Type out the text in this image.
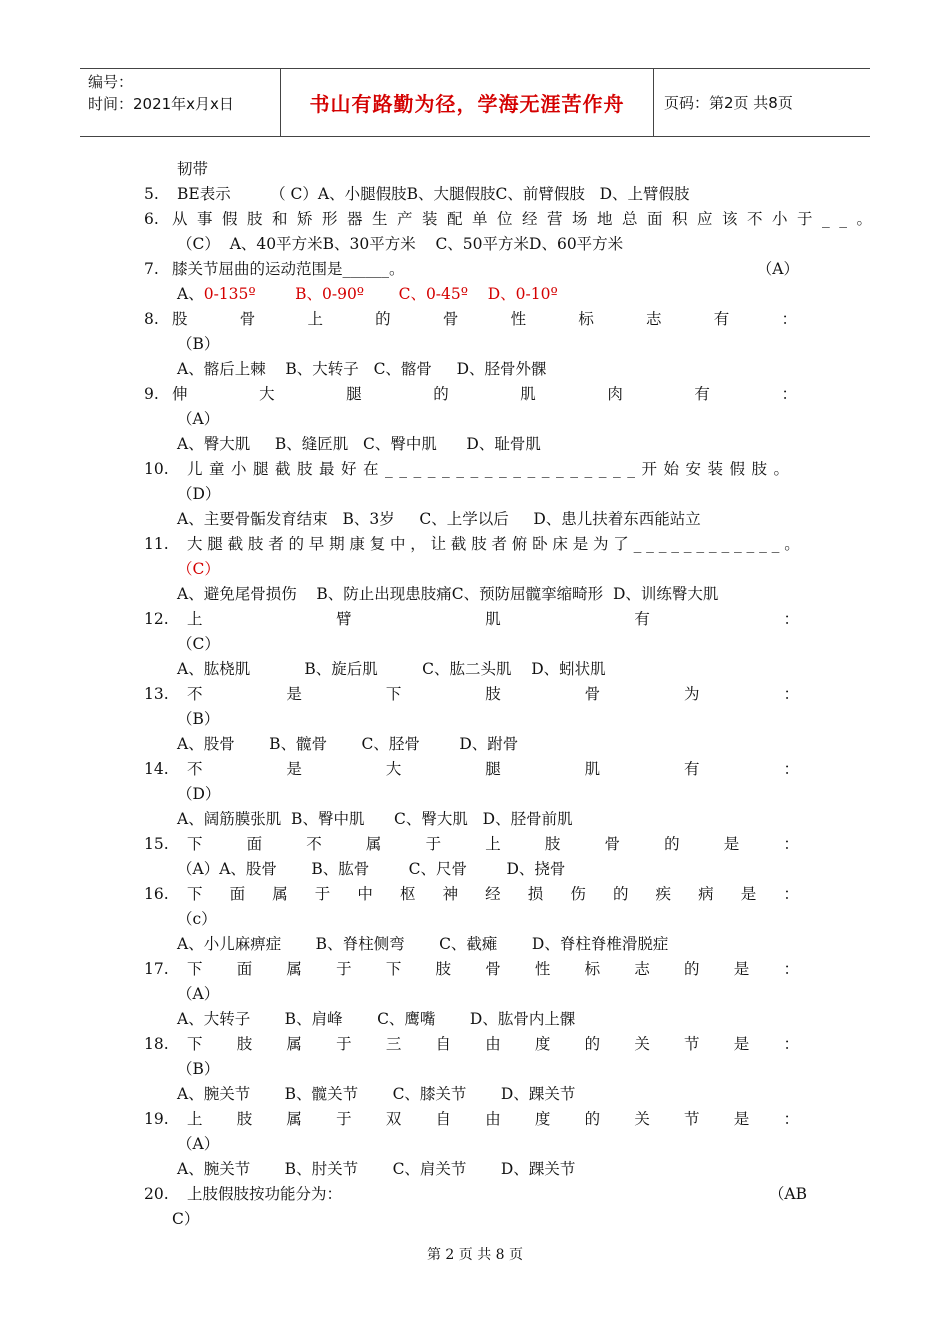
编号：
时间：2021年x月x日	书山有路勤为径，学海无涯苦作舟	页码：第2页 共8页
韧带
5. BE表示        （ C）A、小腿假肢B、大腿假肢C、前臂假肢   D、上臂假肢
6. 从事假肢和矫形器生产装配单位经营场地总面积应该不小于__。
（C）  A、40平方米B、30平方米    C、50平方米D、60平方米
7. 膝关节屈曲的运动范围是______。	（A）
A、0-135º        B、0-90º       C、0-45º    D、0-10º
8. 股	骨	上	的	骨	性	标	志	有	：
（B）
A、髂后上棘    B、大转子   C、髂骨     D、胫骨外髁
9. 伸	大	腿	的	肌	肉	有	：
（A）
A、臀大肌     B、缝匠肌   C、臀中肌      D、耻骨肌
10. 儿童小腿截肢最好在__________________开始安装假肢。
（D）
A、主要骨骺发育结束   B、3岁     C、上学以后     D、患儿扶着东西能站立
11. 大腿截肢者的早期康复中，让截肢者俯卧床是为了____________。
（C）
A、避免尾骨损伤    B、防止出现患肢痛C、预防屈髋挛缩畸形  D、训练臀大肌
12. 上	臂	肌	有	：
（C）
A、肱桡肌           B、旋后肌         C、肱二头肌    D、蚓状肌
13. 不	是	下	肢	骨	为	：
（B）
A、股骨       B、髋骨       C、胫骨        D、跗骨
14. 不	是	大	腿	肌	有	：
（D）
A、阔筋膜张肌  B、臀中肌      C、臀大肌   D、胫骨前肌
15. 下	面	不	属	于	上	肢	骨	的	是	：
（A）A、股骨       B、肱骨        C、尺骨        D、挠骨
16. 下 面 属 于 中 枢 神 经 损 伤 的 疾 病 是 ：
（c）
A、小儿麻痹症       B、脊柱侧弯       C、截瘫       D、脊柱脊椎滑脱症
17. 下 面 属 于 下 肢 骨 性 标 志 的 是 ：
（A）
A、大转子       B、肩峰       C、鹰嘴       D、肱骨内上髁
18. 下 肢 属 于 三 自 由 度 的 关 节 是 ：
（B）
A、腕关节       B、髋关节       C、膝关节       D、踝关节
19. 上 肢 属 于 双 自 由 度 的 关 节 是 ：
（A）
A、腕关节       B、肘关节       C、肩关节       D、踝关节
20. 上肢假肢按功能分为：	（AB
C）
第 2 页 共 8 页
